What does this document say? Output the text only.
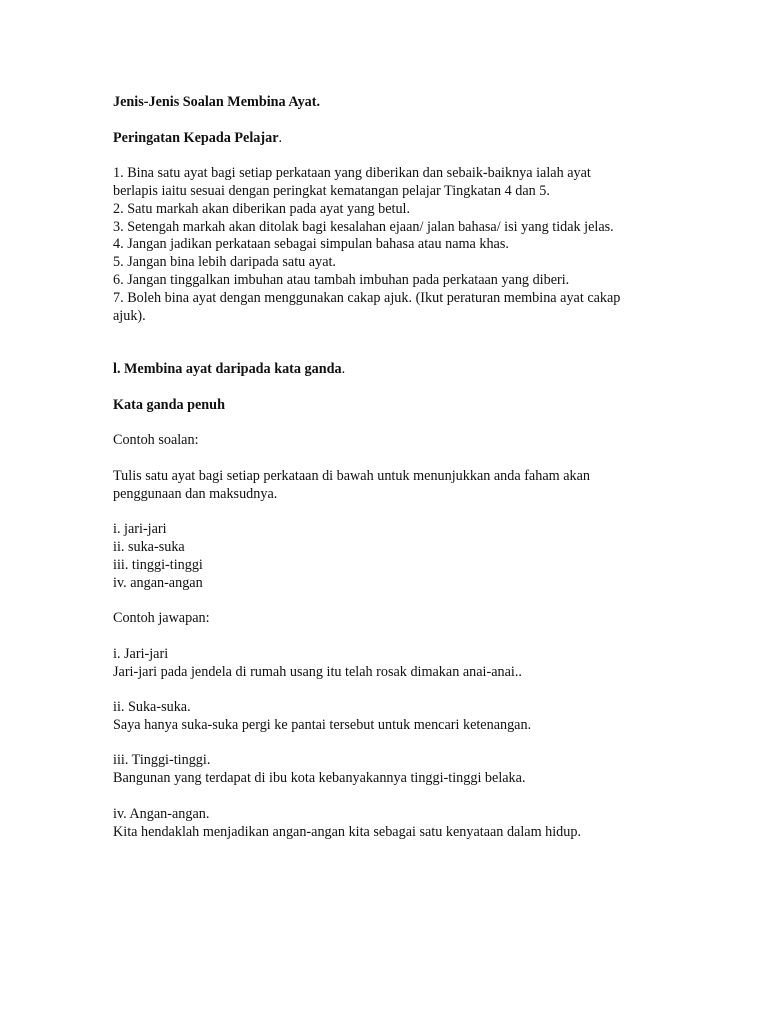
Jenis-Jenis Soalan Membina Ayat.
Peringatan Kepada Pelajar.
1. Bina satu ayat bagi setiap perkataan yang diberikan dan sebaik-baiknya ialah ayat
berlapis iaitu sesuai dengan peringkat kematangan pelajar Tingkatan 4 dan 5.
2. Satu markah akan diberikan pada ayat yang betul.
3. Setengah markah akan ditolak bagi kesalahan ejaan/ jalan bahasa/ isi yang tidak jelas.
4. Jangan jadikan perkataan sebagai simpulan bahasa atau nama khas.
5. Jangan bina lebih daripada satu ayat.
6. Jangan tinggalkan imbuhan atau tambah imbuhan pada perkataan yang diberi.
7. Boleh bina ayat dengan menggunakan cakap ajuk. (Ikut peraturan membina ayat cakap
ajuk).
l. Membina ayat daripada kata ganda.
Kata ganda penuh
Contoh soalan:
Tulis satu ayat bagi setiap perkataan di bawah untuk menunjukkan anda faham akan
penggunaan dan maksudnya.
i. jari-jari
ii. suka-suka
iii. tinggi-tinggi
iv. angan-angan
Contoh jawapan:
i. Jari-jari
Jari-jari pada jendela di rumah usang itu telah rosak dimakan anai-anai..
ii. Suka-suka.
Saya hanya suka-suka pergi ke pantai tersebut untuk mencari ketenangan.
iii. Tinggi-tinggi.
Bangunan yang terdapat di ibu kota kebanyakannya tinggi-tinggi belaka.
iv. Angan-angan.
Kita hendaklah menjadikan angan-angan kita sebagai satu kenyataan dalam hidup.
